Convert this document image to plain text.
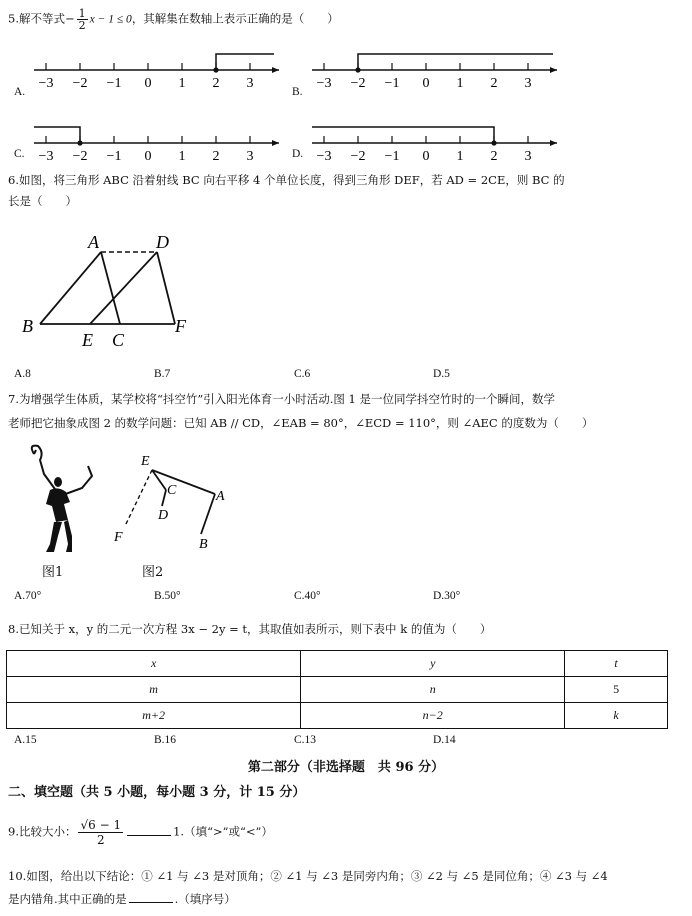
5.解不等式− $\frac{1}{2}$ x − 1 ≤ 0，其解集在数轴上表示正确的是（　　）
−3 −2 −1 0 1 2 3	−3 −2 −1 0 1 2 3
−3 −2 −1 0 1 2 3	−3 −2 −1 0 1 2 3
A.	B.
C.	D.
6.如图，将三角形 ABC 沿着射线 BC 向右平移 4 个单位长度，得到三角形 DEF，若 AD = 2CE，则 BC 的
长是（　　）
A	D
B
E C
F
A.8	B.7	C.6	D.5
7.为增强学生体质，某学校将“抖空竹”引入阳光体育一小时活动.图 1 是一位同学抖空竹时的一个瞬间，数学
老师把它抽象成图 2 的数学问题：已知 AB // CD，∠EAB = 80°，∠ECD = 110°，则 ∠AEC 的度数为（　　）
图1
E
C
D
A
F	B
图2
A.70°	B.50°	C.40°	D.30°
8.已知关于 x，y 的二元一次方程 3x − 2y = t，其取值如表所示，则下表中 k 的值为（　　）
x	y	t
m	n	5
m+2	n−2	k
A.15	B.16	C.13	D.14
第二部分（非选择题　共 96 分）
二、填空题（共 5 小题，每小题 3 分，计 15 分）
9.比较大小： $\frac{√6 - 1}{2}$	1.（填“>”或“<”）
10.如图，给出以下结论：① ∠1 与 ∠3 是对顶角；② ∠1 与 ∠3 是同旁内角；③ ∠2 与 ∠5 是同位角；④ ∠3 与 ∠4
是内错角.其中正确的是	.（填序号）
